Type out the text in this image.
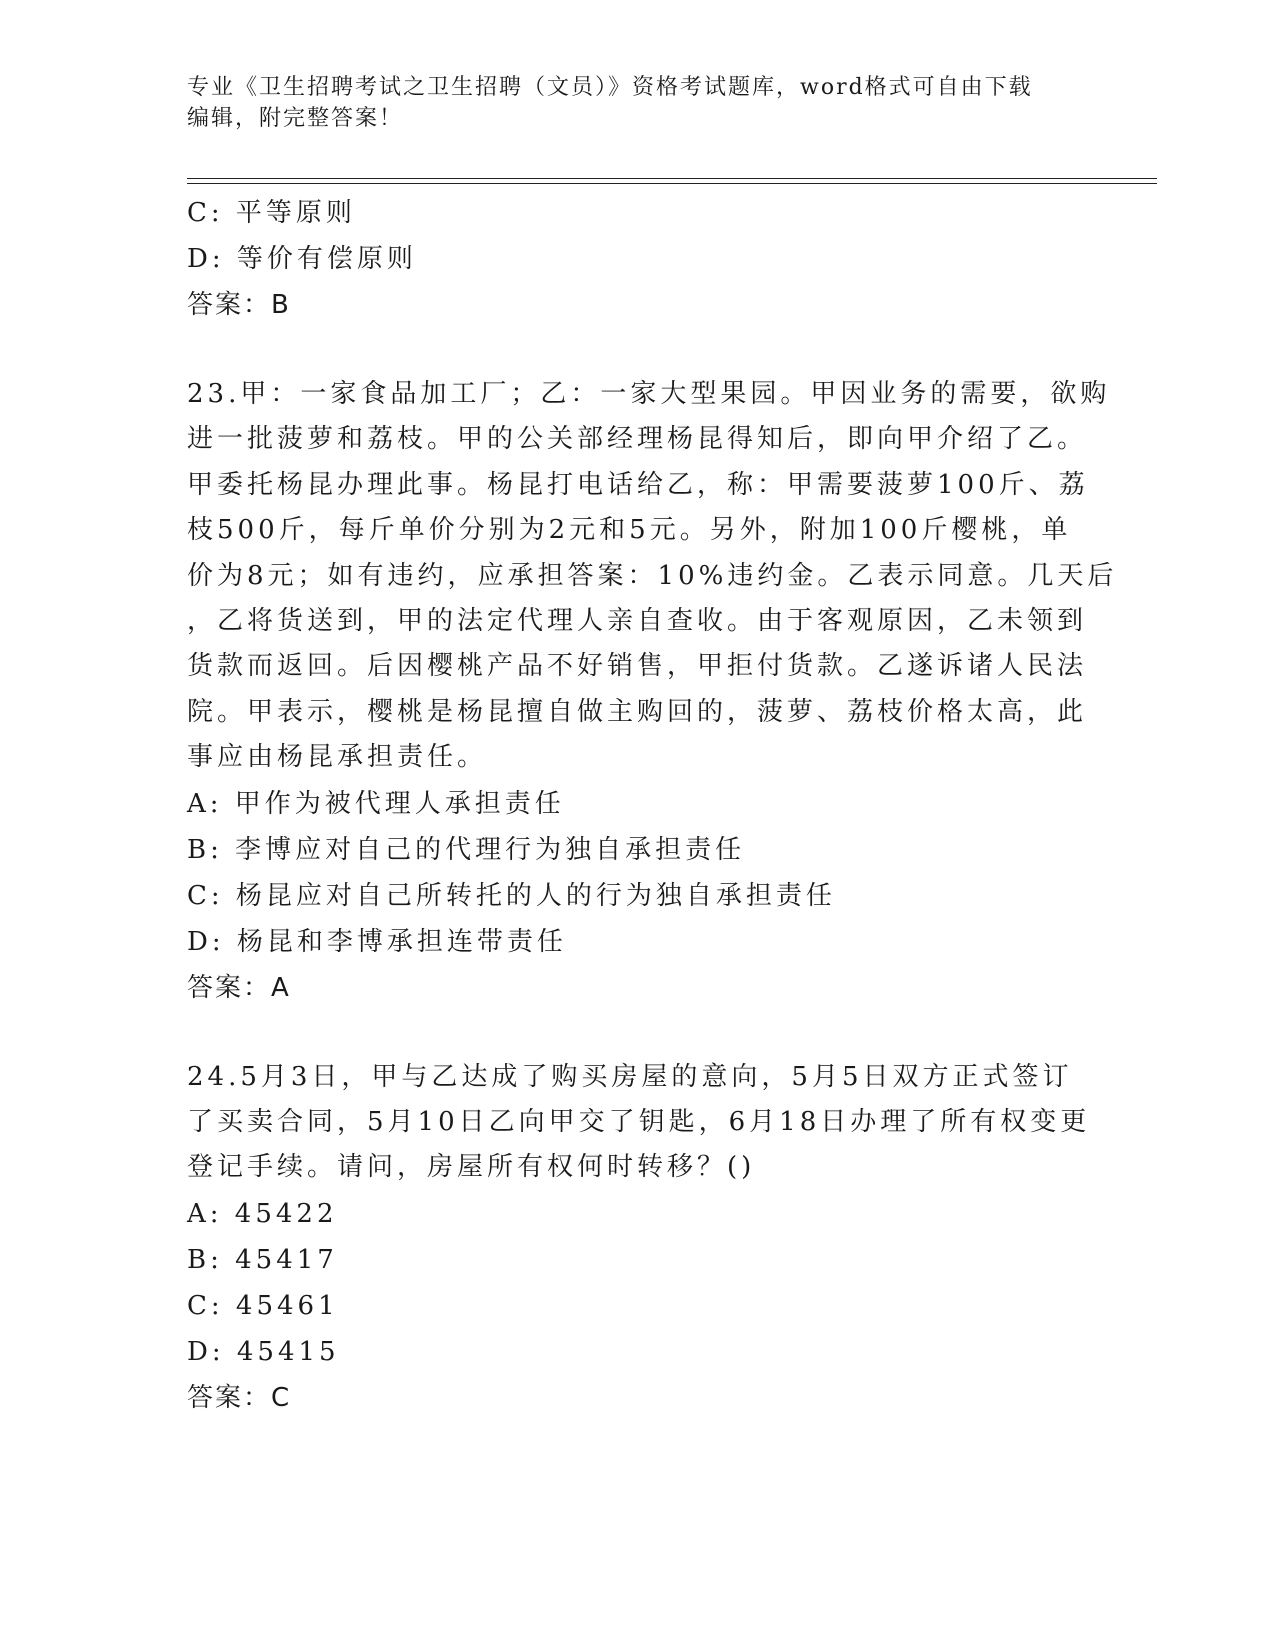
专业《卫生招聘考试之卫生招聘（文员）》资格考试题库，word格式可自由下载
编辑，附完整答案！
C: 平等原则
D: 等价有偿原则
答案：B
23.甲：一家食品加工厂；乙：一家大型果园。甲因业务的需要，欲购
进一批菠萝和荔枝。甲的公关部经理杨昆得知后，即向甲介绍了乙。
甲委托杨昆办理此事。杨昆打电话给乙，称：甲需要菠萝100斤、荔
枝500斤，每斤单价分别为2元和5元。另外，附加100斤樱桃，单
价为8元；如有违约，应承担答案：10%违约金。乙表示同意。几天后
，乙将货送到，甲的法定代理人亲自查收。由于客观原因，乙未领到
货款而返回。后因樱桃产品不好销售，甲拒付货款。乙遂诉诸人民法
院。甲表示，樱桃是杨昆擅自做主购回的，菠萝、荔枝价格太高，此
事应由杨昆承担责任。
A: 甲作为被代理人承担责任
B: 李博应对自己的代理行为独自承担责任
C: 杨昆应对自己所转托的人的行为独自承担责任
D: 杨昆和李博承担连带责任
答案：A
24.5月3日，甲与乙达成了购买房屋的意向，5月5日双方正式签订
了买卖合同，5月10日乙向甲交了钥匙，6月18日办理了所有权变更
登记手续。请问，房屋所有权何时转移？()
A: 45422
B: 45417
C: 45461
D: 45415
答案：C
